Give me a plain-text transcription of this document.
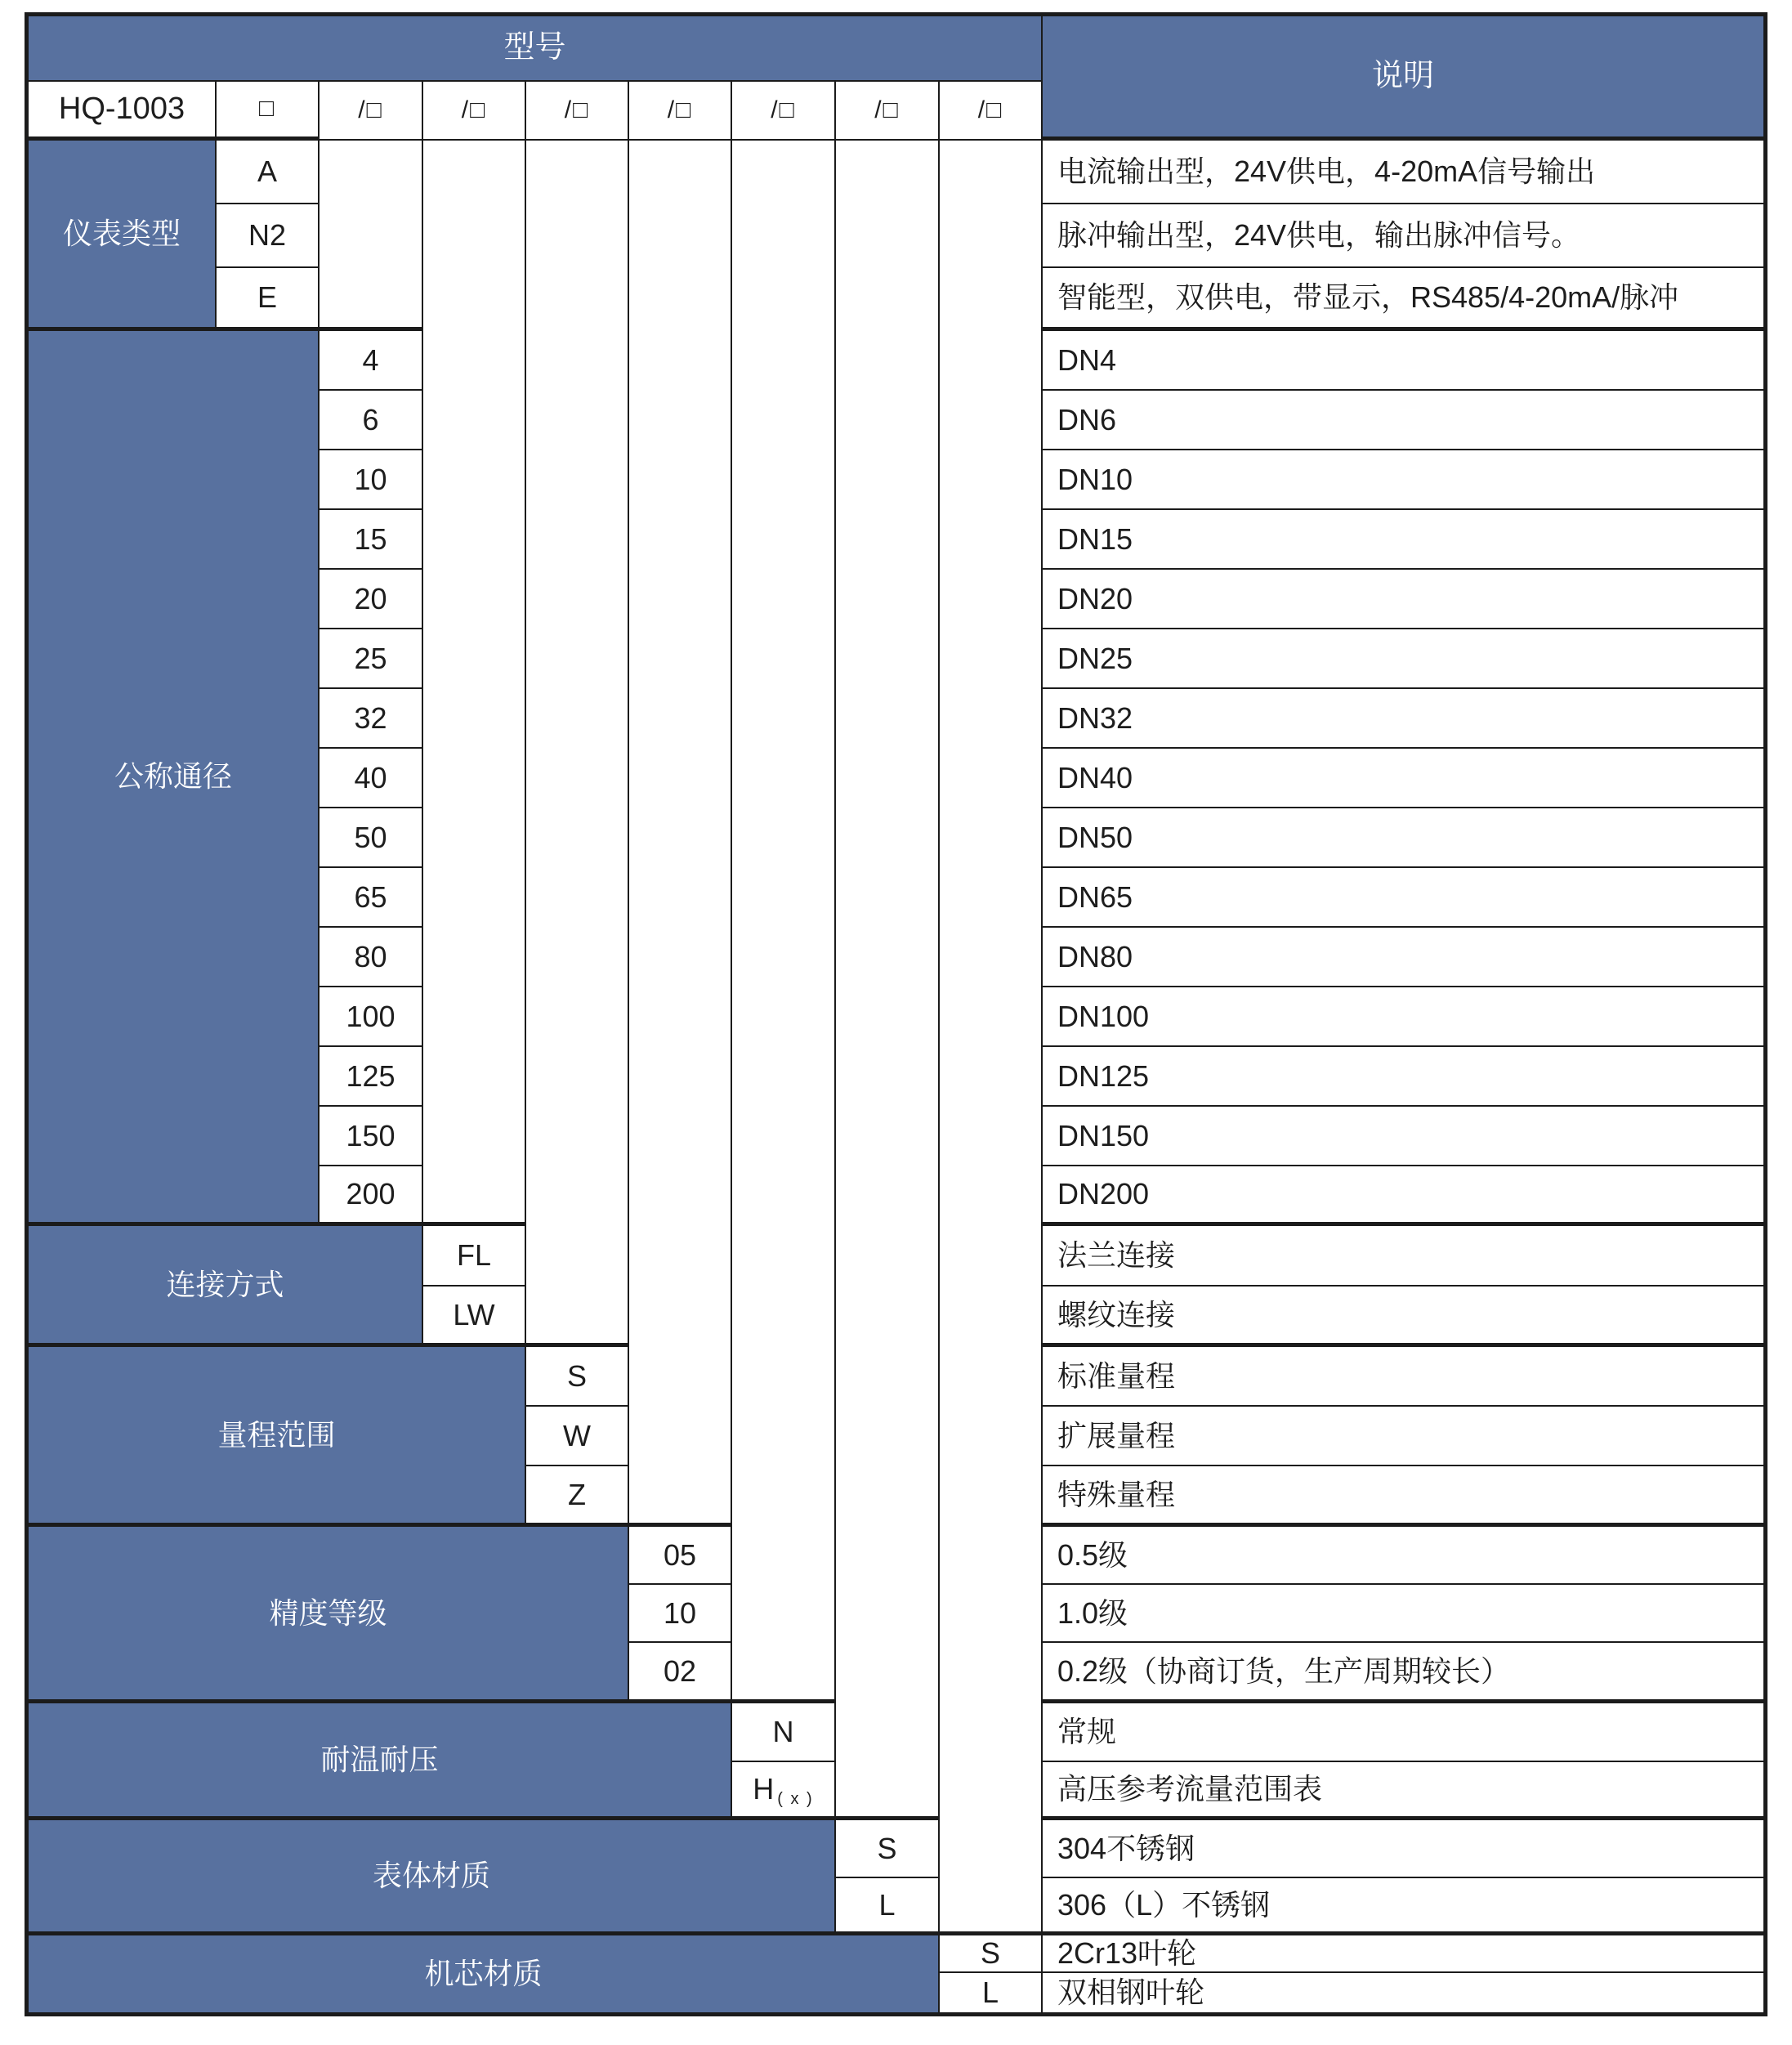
型号
说明
HQ-1003	□	/□	/□	/□	/□	/□	/□	/□
仪表类型
A	电流输出型，24V供电，4-20mA信号输出
N2	脉冲输出型，24V供电，输出脉冲信号。
E	智能型，双供电，带显示，RS485/4-20mA/脉冲
公称通径
4	DN4
6	DN6
10	DN10
15	DN15
20	DN20
25	DN25
32	DN32
40	DN40
50	DN50
65	DN65
80	DN80
100	DN100
125	DN125
150	DN150
200	DN200
连接方式
FL	法兰连接
LW	螺纹连接
量程范围
S	标准量程
W	扩展量程
Z	特殊量程
精度等级
05	0.5级
10	1.0级
02	0.2级（协商订货，生产周期较长）
耐温耐压
N	常规
H ( x )	高压参考流量范围表
表体材质
S	304不锈钢
L	306（L）不锈钢
机芯材质
S	2Cr13叶轮
L	双相钢叶轮
